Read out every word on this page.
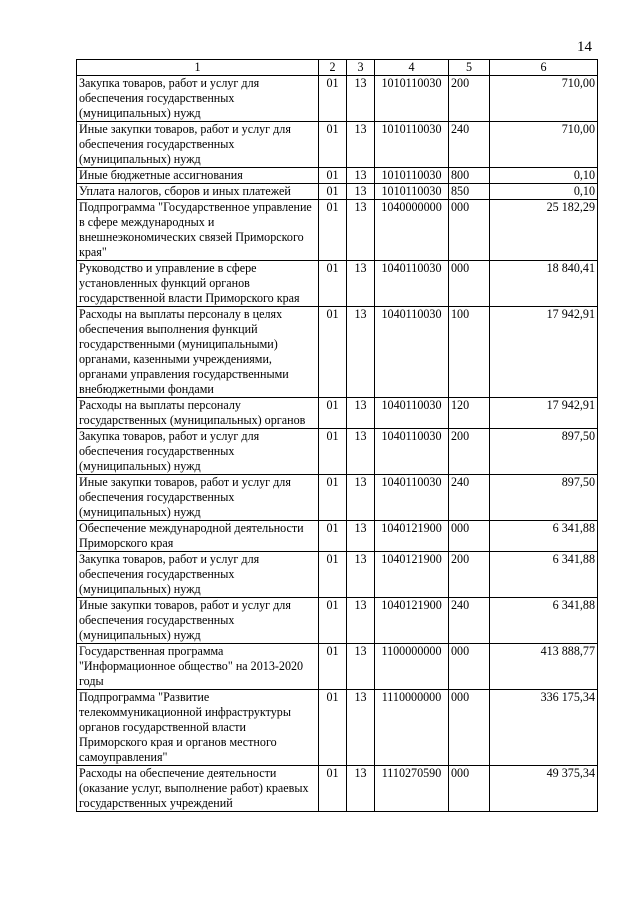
14
1	2	3	4	5	6
Закупка товаров, работ и услуг для обеспечения государственных (муниципальных) нужд	01	13	1010110030	200	710,00
Иные закупки товаров, работ и услуг для обеспечения государственных (муниципальных) нужд	01	13	1010110030	240	710,00
Иные бюджетные ассигнования	01	13	1010110030	800	0,10
Уплата налогов, сборов и иных платежей	01	13	1010110030	850	0,10
Подпрограмма "Государственное управление в сфере международных и внешнеэкономических связей Приморского края"	01	13	1040000000	000	25 182,29
Руководство и управление в сфере установленных функций органов государственной власти Приморского края	01	13	1040110030	000	18 840,41
Расходы на выплаты персоналу в целях обеспечения выполнения функций государственными (муниципальными) органами, казенными учреждениями, органами управления государственными внебюджетными фондами	01	13	1040110030	100	17 942,91
Расходы на выплаты персоналу государственных (муниципальных) органов	01	13	1040110030	120	17 942,91
Закупка товаров, работ и услуг для обеспечения государственных (муниципальных) нужд	01	13	1040110030	200	897,50
Иные закупки товаров, работ и услуг для обеспечения государственных (муниципальных) нужд	01	13	1040110030	240	897,50
Обеспечение международной деятельности Приморского края	01	13	1040121900	000	6 341,88
Закупка товаров, работ и услуг для обеспечения государственных (муниципальных) нужд	01	13	1040121900	200	6 341,88
Иные закупки товаров, работ и услуг для обеспечения государственных (муниципальных) нужд	01	13	1040121900	240	6 341,88
Государственная программа "Информационное общество" на 2013-2020 годы	01	13	1100000000	000	413 888,77
Подпрограмма "Развитие телекоммуникационной инфраструктуры органов государственной власти Приморского края и органов местного самоуправления"	01	13	1110000000	000	336 175,34
Расходы на обеспечение деятельности (оказание услуг, выполнение работ) краевых государственных учреждений	01	13	1110270590	000	49 375,34
